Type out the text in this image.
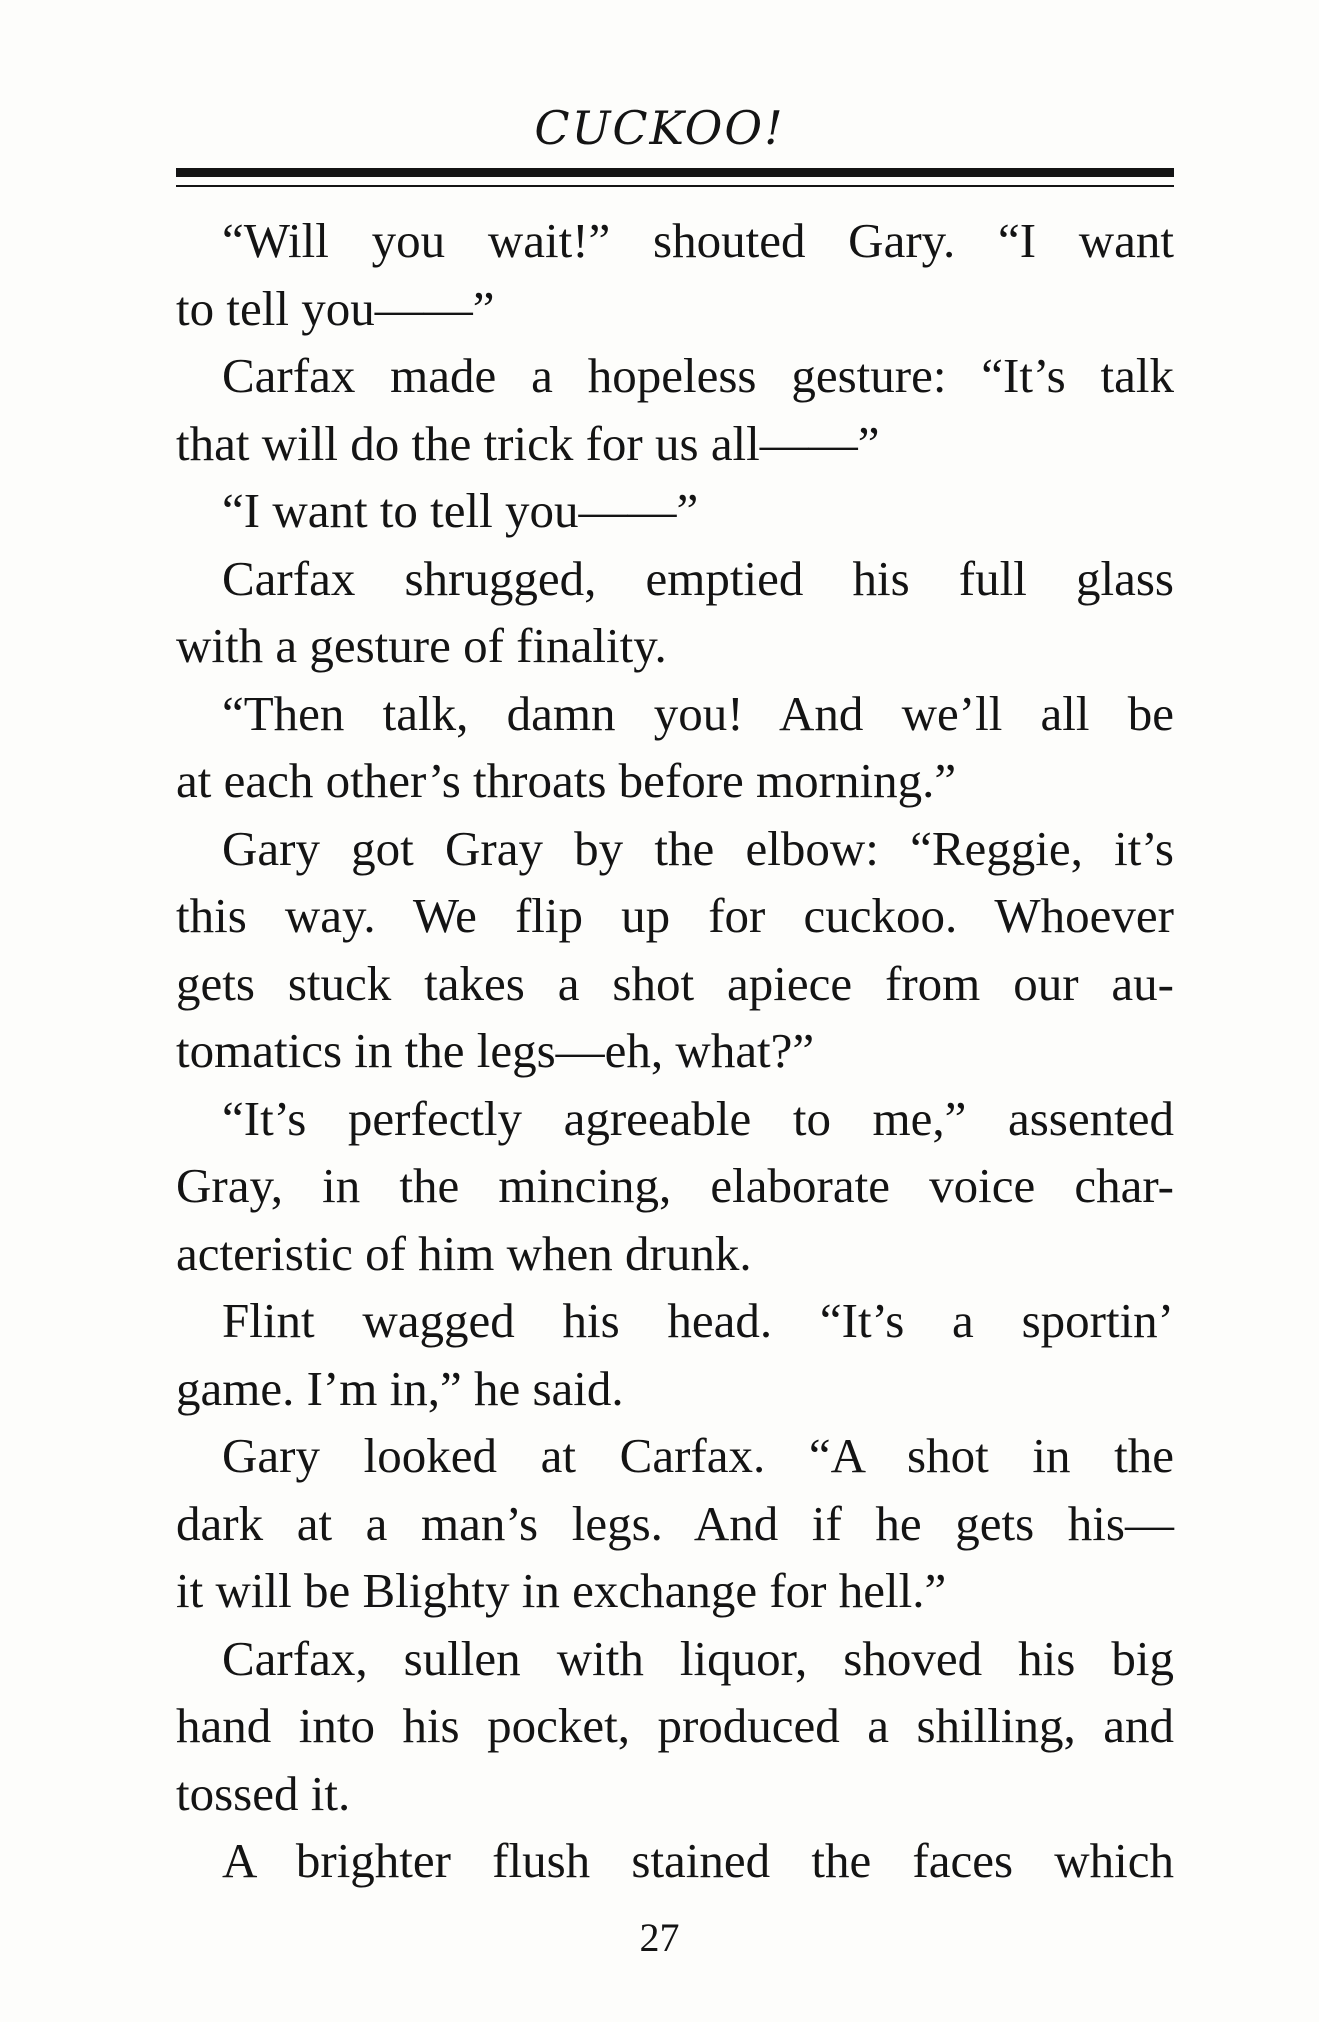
CUCKOO!
“Will you wait!” shouted Gary. “I want
to tell you——”
Carfax made a hopeless gesture: “It’s talk
that will do the trick for us all——”
“I want to tell you——”
Carfax shrugged, emptied his full glass
with a gesture of finality.
“Then talk, damn you! And we’ll all be
at each other’s throats before morning.”
Gary got Gray by the elbow: “Reggie, it’s
this way. We flip up for cuckoo. Whoever
gets stuck takes a shot apiece from our au-
tomatics in the legs—eh, what?”
“It’s perfectly agreeable to me,” assented
Gray, in the mincing, elaborate voice char-
acteristic of him when drunk.
Flint wagged his head. “It’s a sportin’
game. I’m in,” he said.
Gary looked at Carfax. “A shot in the
dark at a man’s legs. And if he gets his—
it will be Blighty in exchange for hell.”
Carfax, sullen with liquor, shoved his big
hand into his pocket, produced a shilling, and
tossed it.
A brighter flush stained the faces which
27
